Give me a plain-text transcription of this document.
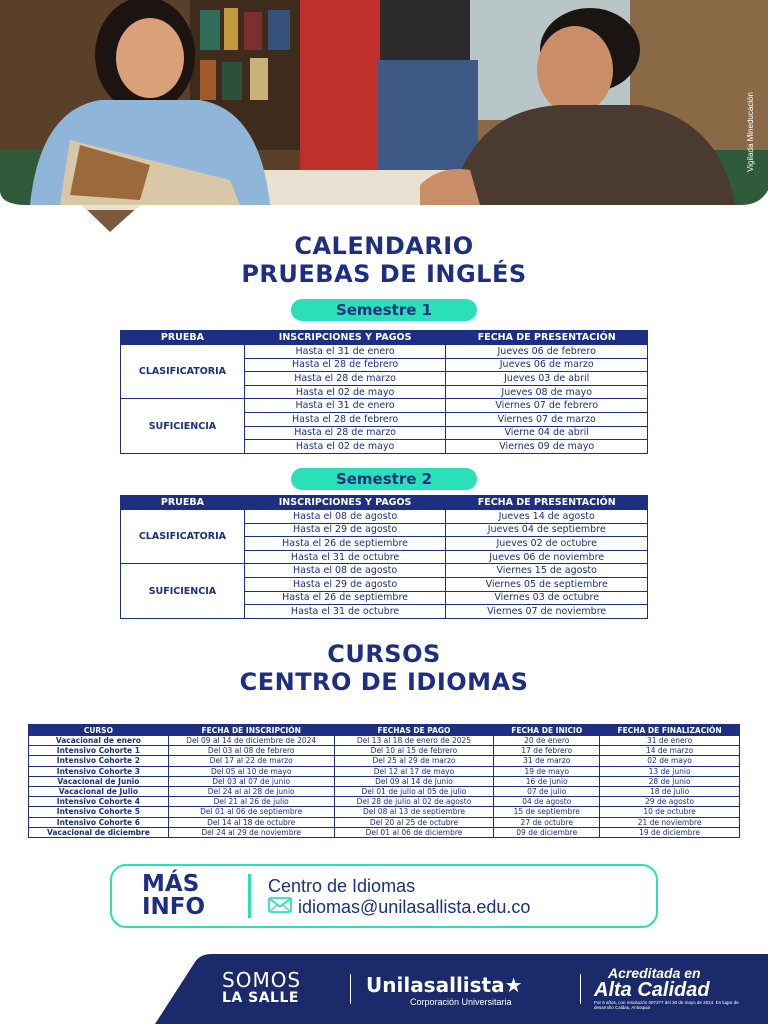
Vigilada Mineducación
CALENDARIO
PRUEBAS DE INGLÉS
Semestre 1
PRUEBA	INSCRIPCIONES Y PAGOS	FECHA DE PRESENTACIÓN
CLASIFICATORIA	Hasta el 31 de enero	Jueves 06 de febrero
	Hasta el 28 de febrero	Jueves 06 de marzo
	Hasta el 28 de marzo	Jueves 03 de abril
	Hasta el 02 de mayo	Jueves 08 de mayo
SUFICIENCIA	Hasta el 31 de enero	Viernes 07 de febrero
	Hasta el 28 de febrero	Viernes 07 de marzo
	Hasta el 28 de marzo	Vierne 04 de abril
	Hasta el 02 de mayo	Viernes 09 de mayo
Semestre 2
PRUEBA	INSCRIPCIONES Y PAGOS	FECHA DE PRESENTACIÓN
CLASIFICATORIA	Hasta el 08 de agosto	Jueves 14 de agosto
	Hasta el 29 de agosto	Jueves 04 de septiembre
	Hasta el 26 de septiembre	Jueves 02 de octubre
	Hasta el 31 de octubre	Jueves 06 de noviembre
SUFICIENCIA	Hasta el 08 de agosto	Viernes 15 de agosto
	Hasta el 29 de agosto	Viernes 05 de septiembre
	Hasta el 26 de septiembre	Viernes 03 de octubre
	Hasta el 31 de octubre	Viernes 07 de noviembre
CURSOS
CENTRO DE IDIOMAS
CURSO	FECHA DE INSCRIPCIÓN	FECHAS DE PAGO	FECHA DE INICIO	FECHA DE FINALIZACIÓN
Vacacional de enero	Del 09 al 14 de diciembre de 2024	Del 13 al 18 de enero de 2025	20 de enero	31 de enero
Intensivo Cohorte 1	Del 03 al 08 de febrero	Del 10 al 15 de febrero	17 de febrero	14 de marzo
Intensivo Cohorte 2	Del 17 al 22 de marzo	Del 25 al 29 de marzo	31 de marzo	02 de mayo
Intensivo Cohorte 3	Del 05 al 10 de mayo	Del 12 al 17 de mayo	19 de mayo	13 de junio
Vacacional de Junio	Del 03 al 07 de junio	Del 09 al 14 de junio	16 de junio	28 de junio
Vacacional de Julio	Del 24 al al 28 de junio	Del 01 de julio al 05 de julio	07 de julio	18 de julio
Intensivo Cohorte 4	Del 21 al 26 de julio	Del 28 de julio al 02 de agosto	04 de agosto	29 de agosto
Intensivo Cohorte 5	Del 01 al 06 de septiembre	Del 08 al 13 de septiembre	15 de septiembre	10 de octubre
Intensivo Cohorte 6	Del 14 al 18 de octubre	Del 20 al 25 de octubre	27 de octubre	21 de noviembre
Vacacional de diciembre	Del 24 al 29 de noviembre	Del 01 al 06 de diciembre	09 de diciembre	19 de diciembre
MÁS
INFO
Centro de Idiomas
idiomas@unilasallista.edu.co
SOMOS
LA SALLE
Unilasallista★
Corporación Universitaria
Acreditada en
Alta Calidad
Por 6 años, con resolución 007377 del 30 de mayo de 2024. En lugar de desarrollo Caldas, Antioquia
